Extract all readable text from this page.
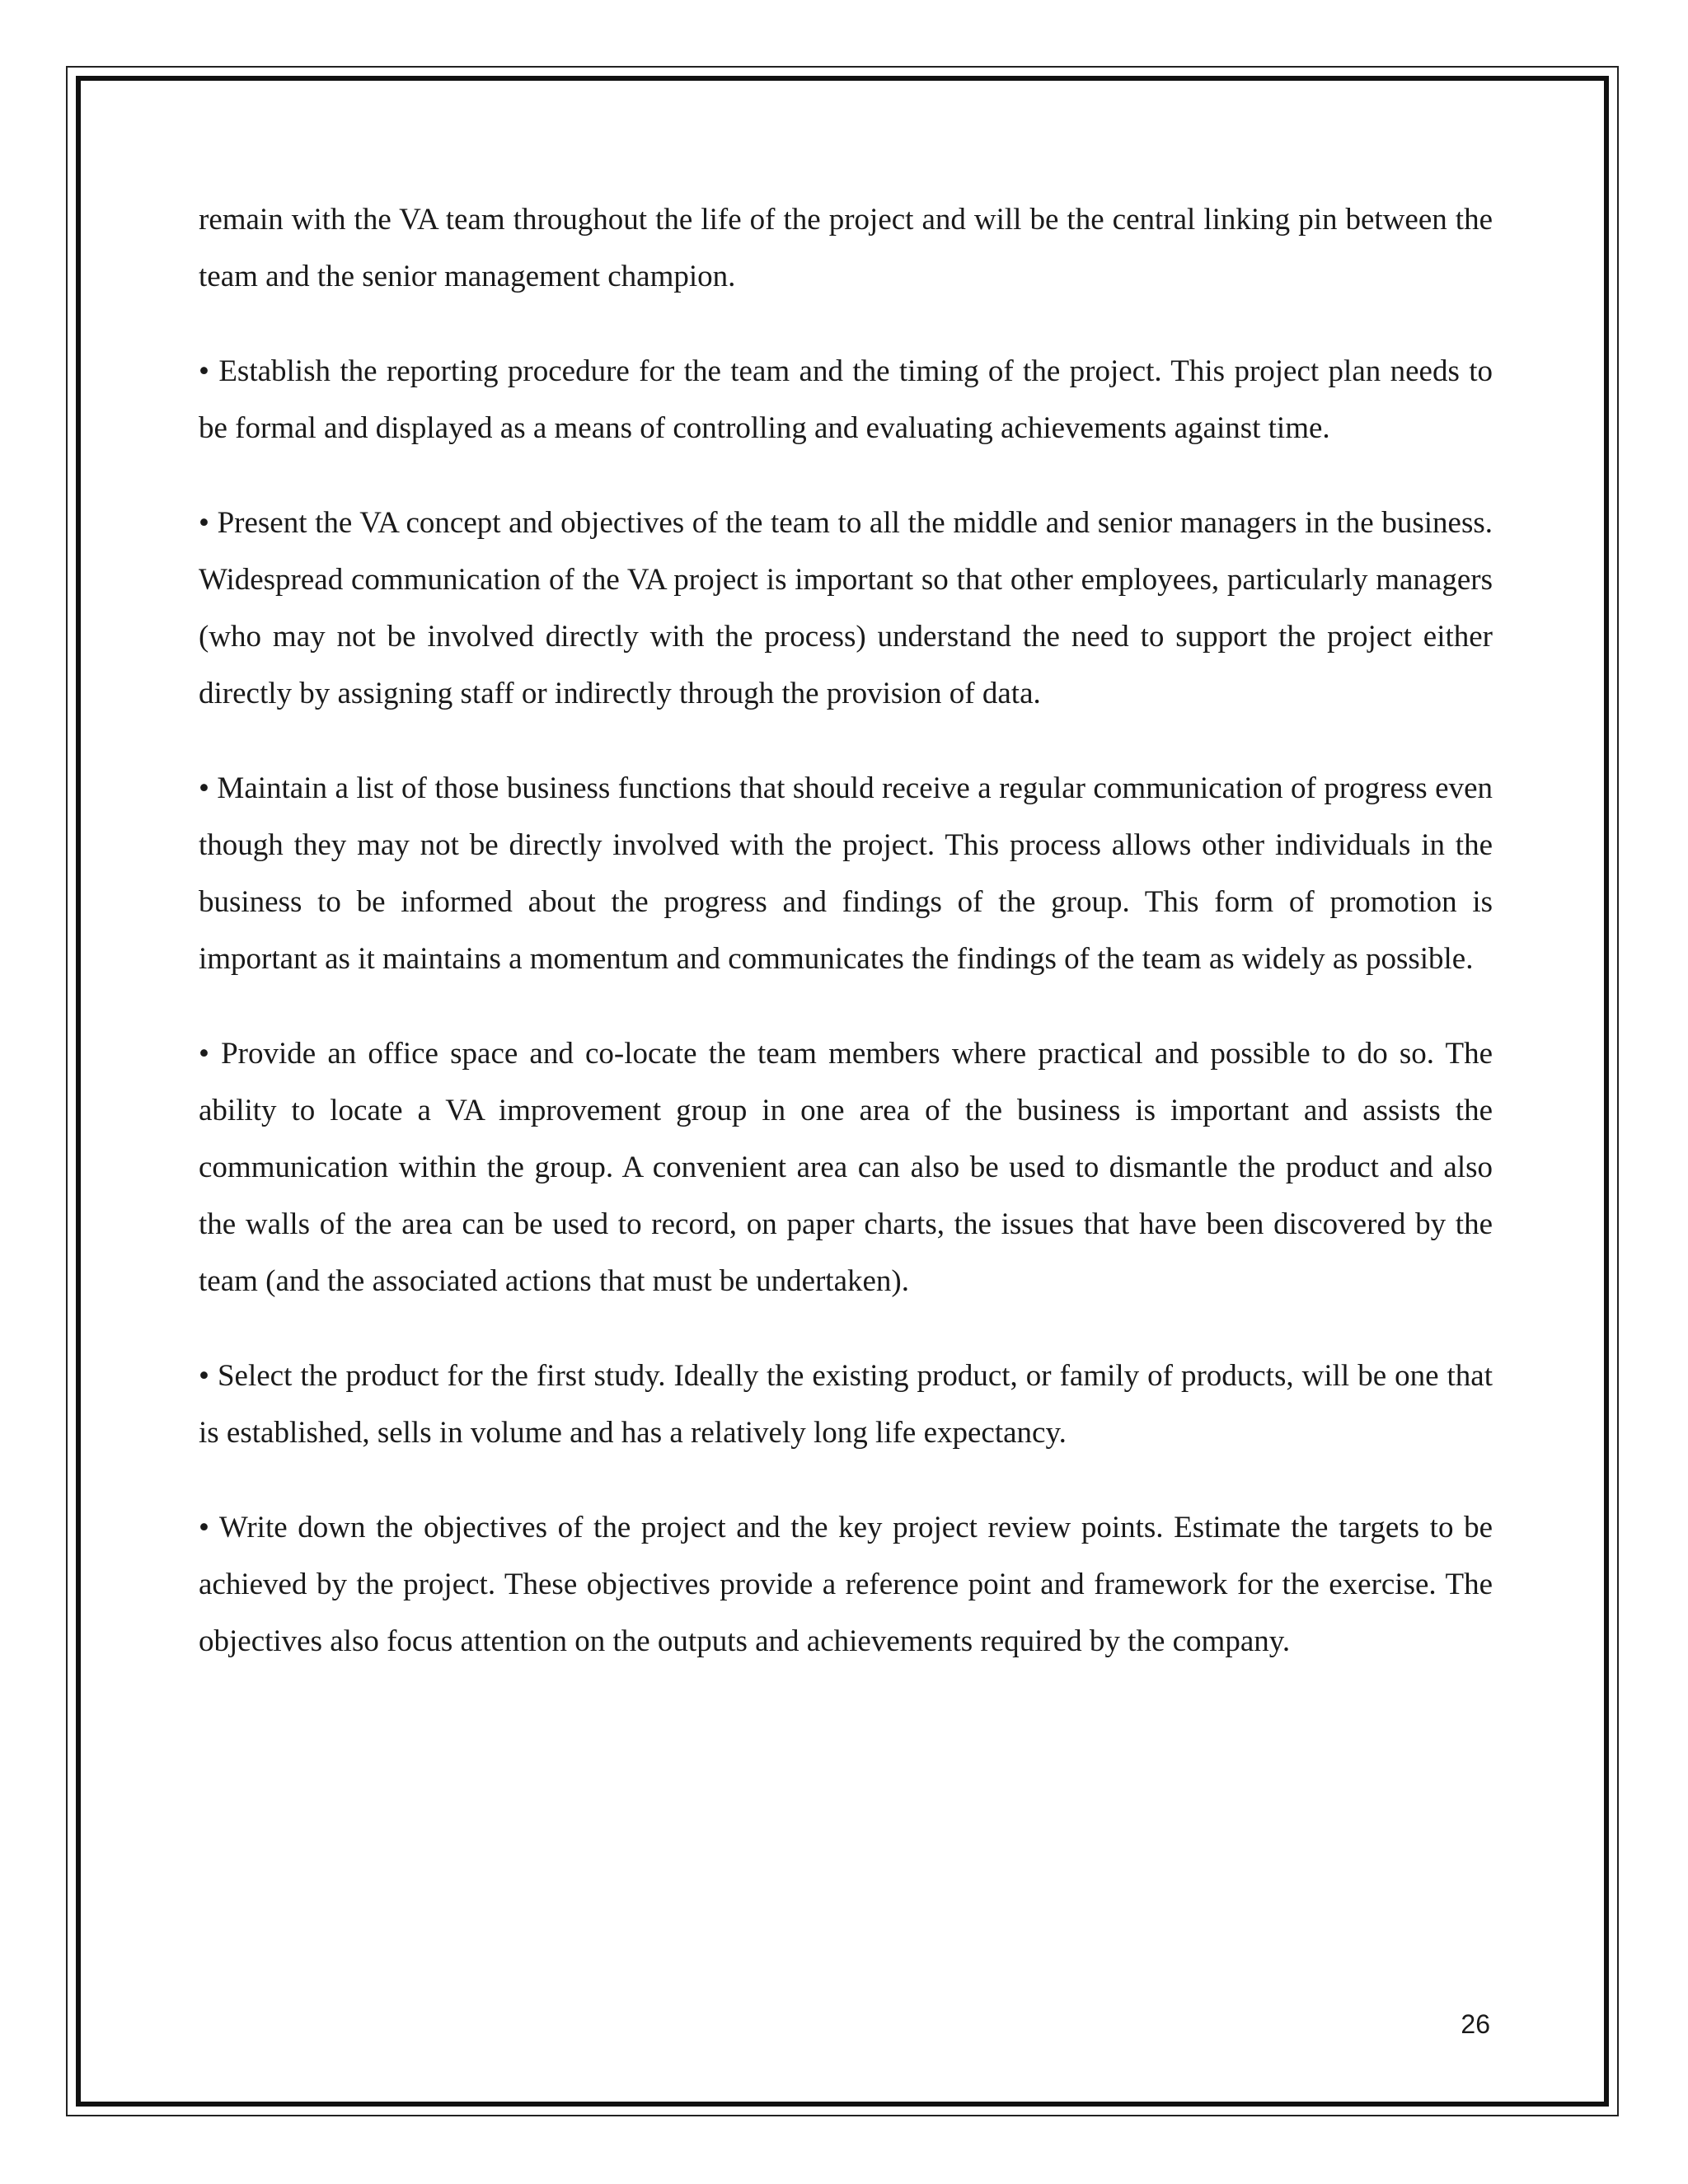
remain with the VA team throughout the life of the project and will be the central linking pin between the team and the senior management champion.

• Establish the reporting procedure for the team and the timing of the project. This project plan needs to be formal and displayed as a means of controlling and evaluating achievements against time.

• Present the VA concept and objectives of the team to all the middle and senior managers in the business. Widespread communication of the VA project is important so that other employees, particularly managers (who may not be involved directly with the process) understand the need to support the project either directly by assigning staff or indirectly through the provision of data.

• Maintain a list of those business functions that should receive a regular communication of progress even though they may not be directly involved with the project. This process allows other individuals in the business to be informed about the progress and findings of the group. This form of promotion is important as it maintains a momentum and communicates the findings of the team as widely as possible.

• Provide an office space and co-locate the team members where practical and possible to do so. The ability to locate a VA improvement group in one area of the business is important and assists the communication within the group. A convenient area can also be used to dismantle the product and also the walls of the area can be used to record, on paper charts, the issues that have been discovered by the team (and the associated actions that must be undertaken).

• Select the product for the first study. Ideally the existing product, or family of products, will be one that is established, sells in volume and has a relatively long life expectancy.

• Write down the objectives of the project and the key project review points. Estimate the targets to be achieved by the project. These objectives provide a reference point and framework for the exercise. The objectives also focus attention on the outputs and achievements required by the company.

26
